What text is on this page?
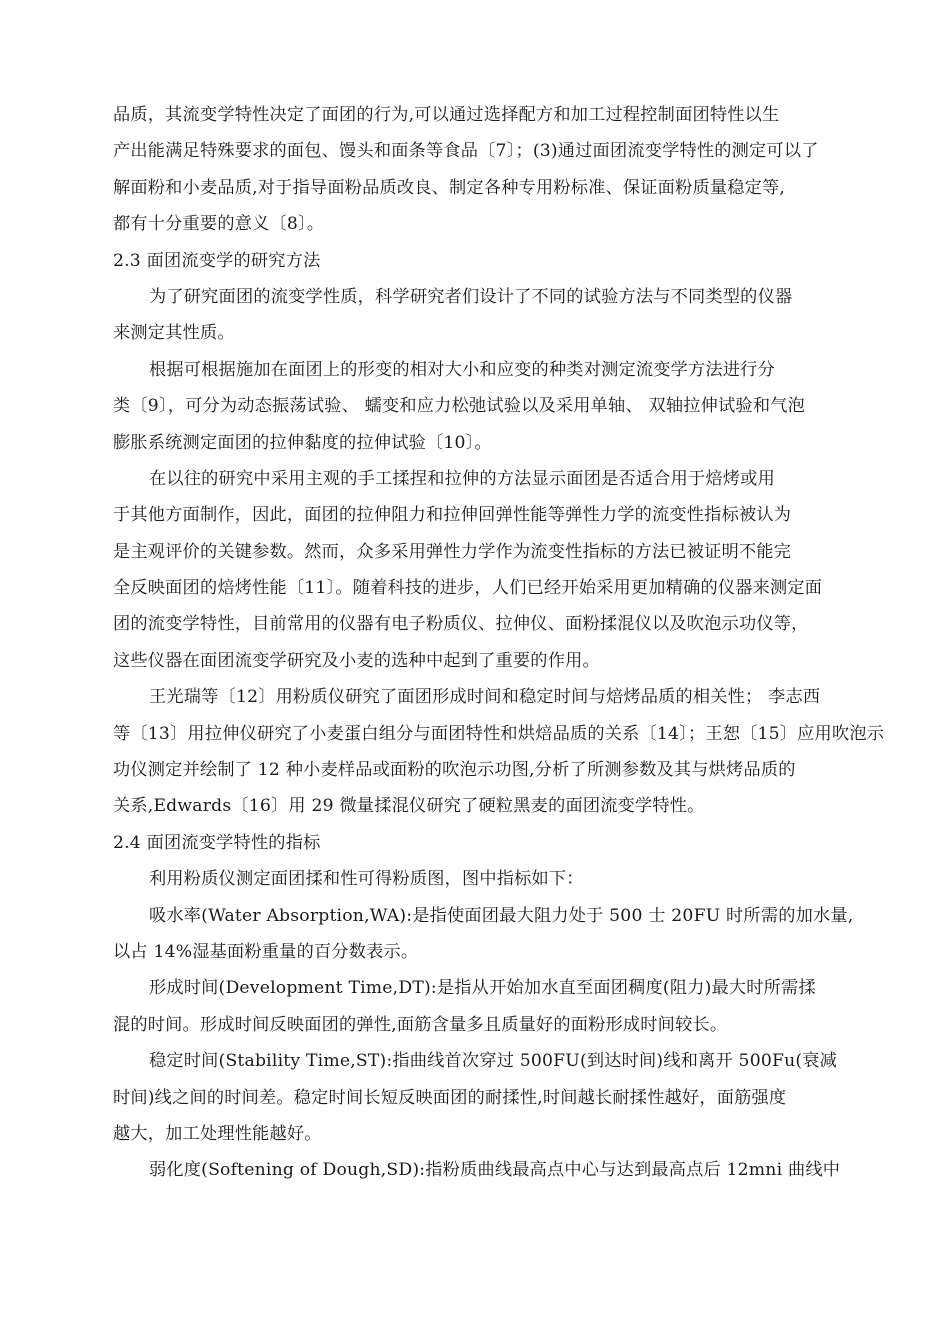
品质，其流变学特性决定了面团的行为,可以通过选择配方和加工过程控制面团特性以生
产出能满足特殊要求的面包、馒头和面条等食品〔7〕；(3)通过面团流变学特性的测定可以了
解面粉和小麦品质,对于指导面粉品质改良、制定各种专用粉标准、保证面粉质量稳定等,
都有十分重要的意义〔8〕。
2.3 面团流变学的研究方法
为了研究面团的流变学性质，科学研究者们设计了不同的试验方法与不同类型的仪器
来测定其性质。
根据可根据施加在面团上的形变的相对大小和应变的种类对测定流变学方法进行分
类〔9〕，可分为动态振荡试验、 蠕变和应力松弛试验以及采用单轴、 双轴拉伸试验和气泡
膨胀系统测定面团的拉伸黏度的拉伸试验〔10〕。
在以往的研究中采用主观的手工揉捏和拉伸的方法显示面团是否适合用于焙烤或用
于其他方面制作，因此，面团的拉伸阻力和拉伸回弹性能等弹性力学的流变性指标被认为
是主观评价的关键参数。然而，众多采用弹性力学作为流变性指标的方法已被证明不能完
全反映面团的焙烤性能〔11〕。随着科技的进步，人们已经开始采用更加精确的仪器来测定面
团的流变学特性，目前常用的仪器有电子粉质仪、拉伸仪、面粉揉混仪以及吹泡示功仪等，
这些仪器在面团流变学研究及小麦的选种中起到了重要的作用。
王光瑞等〔12〕用粉质仪研究了面团形成时间和稳定时间与焙烤品质的相关性； 李志西
等〔13〕用拉伸仪研究了小麦蛋白组分与面团特性和烘焙品质的关系〔14〕；王恕〔15〕应用吹泡示
功仪测定并绘制了 12 种小麦样品或面粉的吹泡示功图,分析了所测参数及其与烘烤品质的
关系,Edwards〔16〕用 29 微量揉混仪研究了硬粒黑麦的面团流变学特性。
2.4 面团流变学特性的指标
利用粉质仪测定面团揉和性可得粉质图，图中指标如下：
吸水率(Water Absorption,WA):是指使面团最大阻力处于 500 士 20FU 时所需的加水量,
以占 14%湿基面粉重量的百分数表示。
形成时间(Development Time,DT):是指从开始加水直至面团稠度(阻力)最大时所需揉
混的时间。形成时间反映面团的弹性,面筋含量多且质量好的面粉形成时间较长。
稳定时间(Stability Time,ST):指曲线首次穿过 500FU(到达时间)线和离开 500Fu(衰减
时间)线之间的时间差。稳定时间长短反映面团的耐揉性,时间越长耐揉性越好，面筋强度
越大，加工处理性能越好。
弱化度(Softening of Dough,SD):指粉质曲线最高点中心与达到最高点后 12mni 曲线中
